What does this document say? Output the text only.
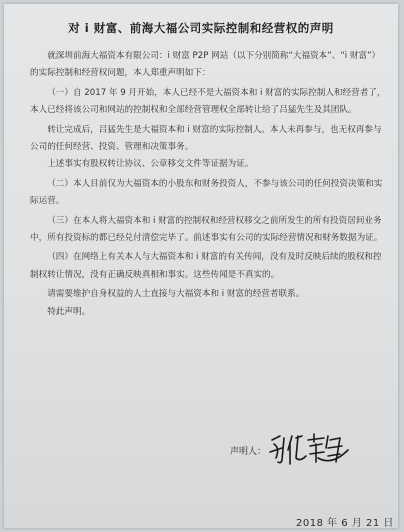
对 i 财富、前海大福公司实际控制和经营权的声明

就深圳前海大福资本有限公司：i 财富 P2P 网站（以下分别简称“大福资本”、“i 财富”）的实际控制和经营权问题，本人郑重声明如下：

（一）自 2017 年 9 月开始，本人已经不是大福资本和 i 财富的实际控制人和经营者了，本人已经将该公司和网站的控制权和全部经营管理权全部转让给了吕猛先生及其团队。

转让完成后，吕猛先生是大福资本和 i 财富的实际控制人。本人未再参与，也无权再参与公司的任何经营、投资、管理和决策事务。

上述事实有股权转让协议、公章移交文件等证据为证。

（二）本人目前仅为大福资本的小股东和财务投资人，不参与该公司的任何投资决策和实际运营。

（三）在本人将大福资本和 i 财富的控制权和经营权移交之前所发生的所有投资居间业务中，所有投资标的都已经兑付清偿完毕了。前述事实有公司的实际经营情况和财务数据为证。

（四）在网络上有关本人与大福资本和 i 财富的有关传闻，没有及时反映后续的股权和控制权转让情况，没有正确反映真相和事实。这些传闻是不真实的。

请需要维护自身权益的人士直接与大福资本和 i 财富的经营者联系。

特此声明。

声明人：
2018 年 6 月 21 日
